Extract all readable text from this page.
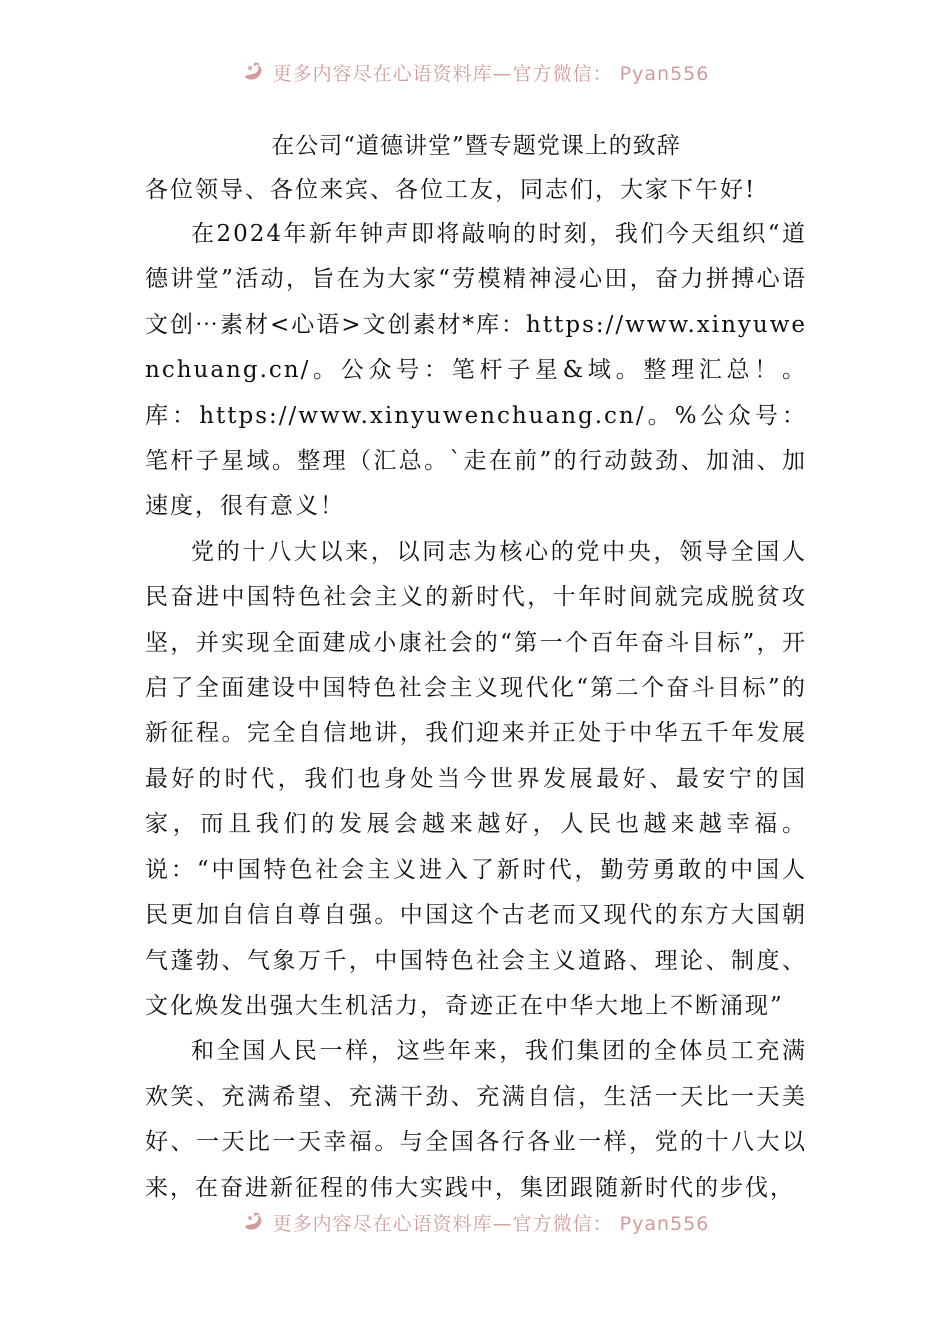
更多内容尽在心语资料库—官方微信： Pyan556
在公司“道德讲堂”暨专题党课上的致辞
各位领导、各位来宾、各位工友，同志们，大家下午好!

在2024年新年钟声即将敲响的时刻，我们今天组织“道德讲堂”活动，旨在为大家“劳模精神浸心田，奋力拼搏心语文创⋯素材<心语>文创素材*库：https://www.xinyuwenchuang.cn/。公众号：笔杆子星&域。整理汇总！。库：https://www.xinyuwenchuang.cn/。%公众号：笔杆子星域。整理（汇总。`走在前”的行动鼓劲、加油、加速度，很有意义！

党的十八大以来，以同志为核心的党中央，领导全国人民奋进中国特色社会主义的新时代，十年时间就完成脱贫攻坚，并实现全面建成小康社会的“第一个百年奋斗目标”，开启了全面建设中国特色社会主义现代化“第二个奋斗目标”的新征程。完全自信地讲，我们迎来并正处于中华五千年发展最好的时代，我们也身处当今世界发展最好、最安宁的国家，而且我们的发展会越来越好，人民也越来越幸福。说：“中国特色社会主义进入了新时代，勤劳勇敢的中国人民更加自信自尊自强。中国这个古老而又现代的东方大国朝气蓬勃、气象万千，中国特色社会主义道路、理论、制度、文化焕发出强大生机活力，奇迹正在中华大地上不断涌现”

和全国人民一样，这些年来，我们集团的全体员工充满欢笑、充满希望、充满干劲、充满自信，生活一天比一天美好、一天比一天幸福。与全国各行各业一样，党的十八大以来，在奋进新征程的伟大实践中，集团跟随新时代的步伐，

更多内容尽在心语资料库—官方微信： Pyan556
